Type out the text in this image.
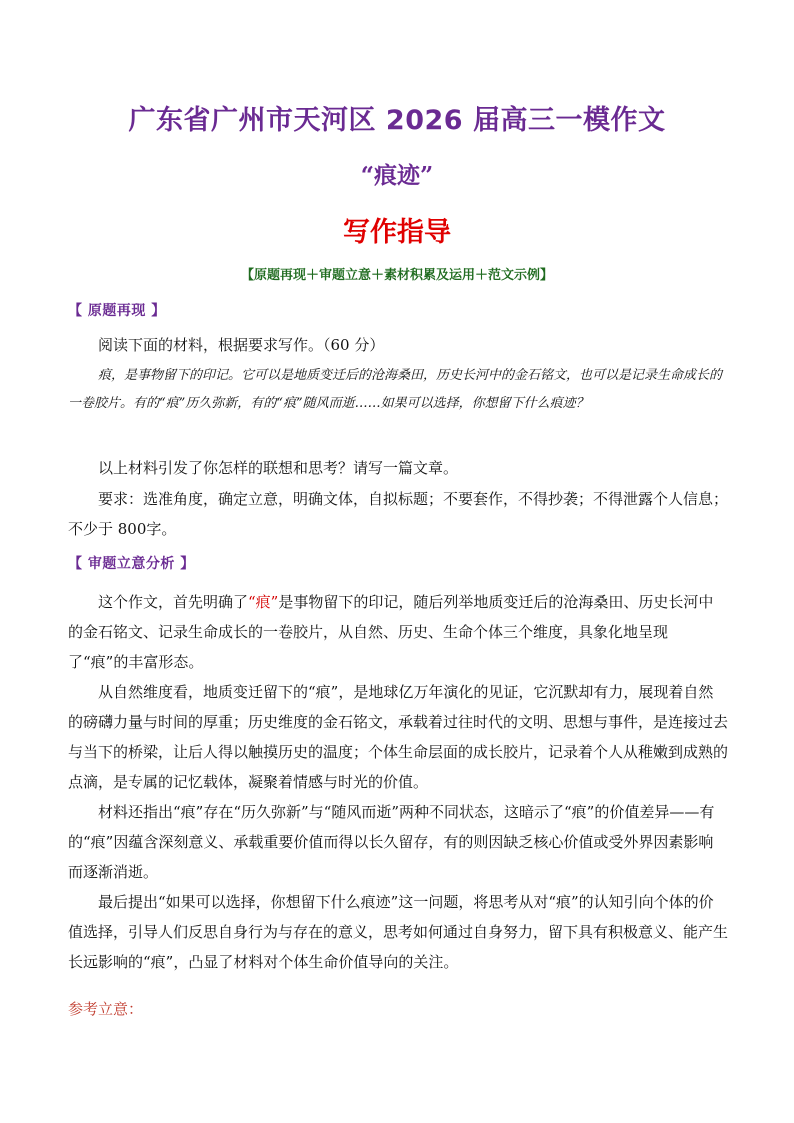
广东省广州市天河区 2026 届高三一模作文
“痕迹”
写作指导
【原题再现＋审题立意＋素材积累及运用＋范文示例】
【 原题再现 】

阅读下面的材料，根据要求写作。（60 分）

痕，是事物留下的印记。它可以是地质变迁后的沧海桑田，历史长河中的金石铭文，也可以是记录生命成长的一卷胶片。有的“痕”历久弥新，有的“痕”随风而逝……如果可以选择，你想留下什么痕迹？

以上材料引发了你怎样的联想和思考？请写一篇文章。

要求：选准角度，确定立意，明确文体，自拟标题；不要套作，不得抄袭；不得泄露个人信息；不少于 800字。

【 审题立意分析 】

这个作文，首先明确了“痕”是事物留下的印记，随后列举地质变迁后的沧海桑田、历史长河中的金石铭文、记录生命成长的一卷胶片，从自然、历史、生命个体三个维度，具象化地呈现了“痕”的丰富形态。

从自然维度看，地质变迁留下的“痕”，是地球亿万年演化的见证，它沉默却有力，展现着自然的磅礴力量与时间的厚重；历史维度的金石铭文，承载着过往时代的文明、思想与事件，是连接过去与当下的桥梁，让后人得以触摸历史的温度；个体生命层面的成长胶片，记录着个人从稚嫩到成熟的点滴，是专属的记忆载体，凝聚着情感与时光的价值。

材料还指出“痕”存在“历久弥新”与“随风而逝”两种不同状态，这暗示了“痕”的价值差异——有的“痕”因蕴含深刻意义、承载重要价值而得以长久留存，有的则因缺乏核心价值或受外界因素影响而逐渐消逝。

最后提出“如果可以选择，你想留下什么痕迹”这一问题，将思考从对“痕”的认知引向个体的价值选择，引导人们反思自身行为与存在的意义，思考如何通过自身努力，留下具有积极意义、能产生长远影响的“痕”，凸显了材料对个体生命价值导向的关注。

参考立意：
